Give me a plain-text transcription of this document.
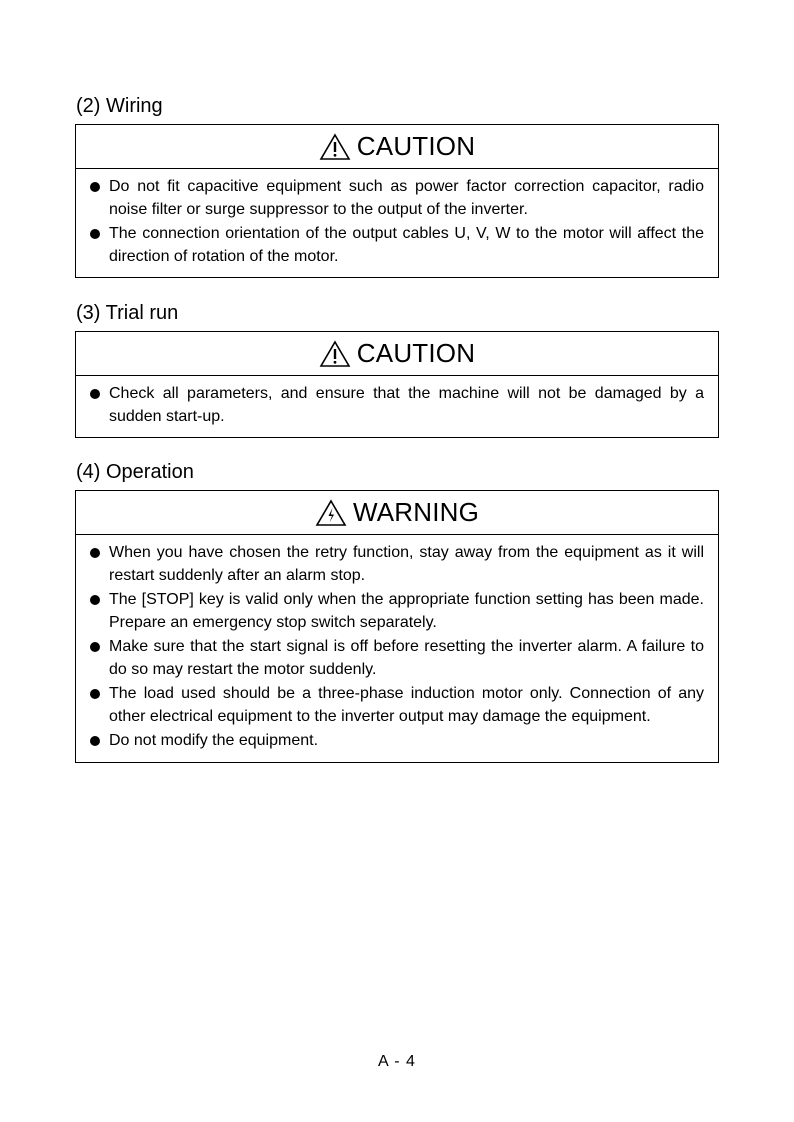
(2) Wiring
CAUTION
Do not fit capacitive equipment such as power factor correction capacitor, radio noise filter or surge suppressor to the output of the inverter.
The connection orientation of the output cables U, V, W to the motor will affect the direction of rotation of the motor.
(3) Trial run
CAUTION
Check all parameters, and ensure that the machine will not be damaged by a sudden start-up.
(4) Operation
WARNING
When you have chosen the retry function, stay away from the equipment as it will restart suddenly after an alarm stop.
The [STOP] key is valid only when the appropriate function setting has been made. Prepare an emergency stop switch separately.
Make sure that the start signal is off before resetting the inverter alarm. A failure to do so may restart the motor suddenly.
The load used should be a three-phase induction motor only. Connection of any other electrical equipment to the inverter output may damage the equipment.
Do not modify the equipment.
A - 4
